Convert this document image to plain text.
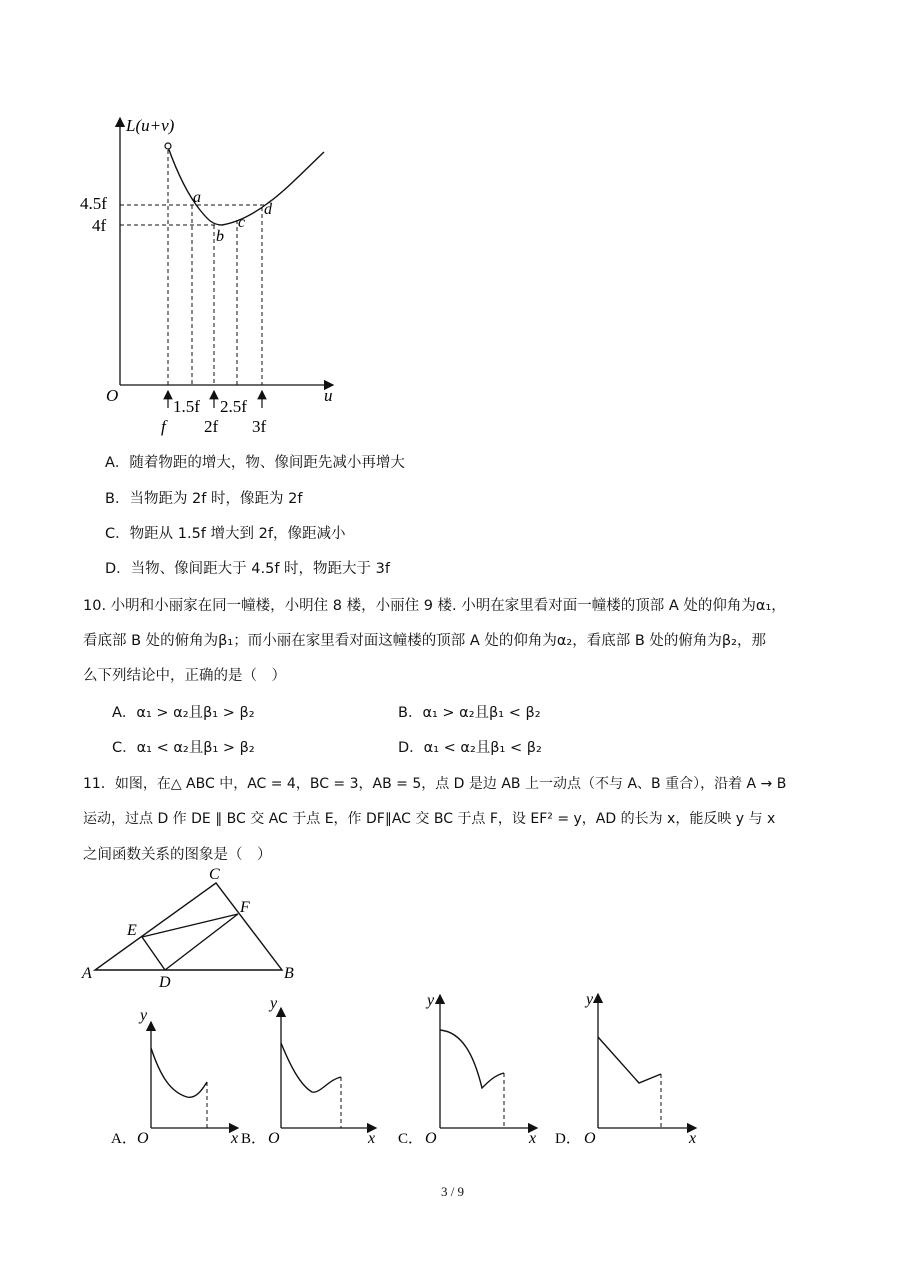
L(u+v)
u
O
4.5f
4f
a
b
c
d
1.5f 2.5f
f 2f 3f
A．随着物距的增大，物、像间距先减小再增大
B．当物距为 2f 时，像距为 2f
C．物距从 1.5f 增大到 2f，像距减小
D．当物、像间距大于 4.5f 时，物距大于 3f
10. 小明和小丽家在同一幢楼，小明住 8 楼，小丽住 9 楼. 小明在家里看对面一幢楼的顶部 A 处的仰角为α₁，
看底部 B 处的俯角为β₁；而小丽在家里看对面这幢楼的顶部 A 处的仰角为α₂，看底部 B 处的俯角为β₂，那
么下列结论中，正确的是（　）
A．α₁ > α₂且β₁ > β₂	B．α₁ > α₂且β₁ < β₂
C．α₁ < α₂且β₁ > β₂	D．α₁ < α₂且β₁ < β₂
11．如图，在△ ABC 中，AC = 4，BC = 3，AB = 5，点 D 是边 AB 上一动点（不与 A、B 重合），沿着 A → B
运动，过点 D 作 DE ∥ BC 交 AC 于点 E，作 DF∥AC 交 BC 于点 F，设 EF² = y，AD 的长为 x，能反映 y 与 x
之间函数关系的图象是（　）
A	B
C
D
E
F
A． O
y
x B． O
y
x C． O
y
x D． O
y
x
3 / 9
